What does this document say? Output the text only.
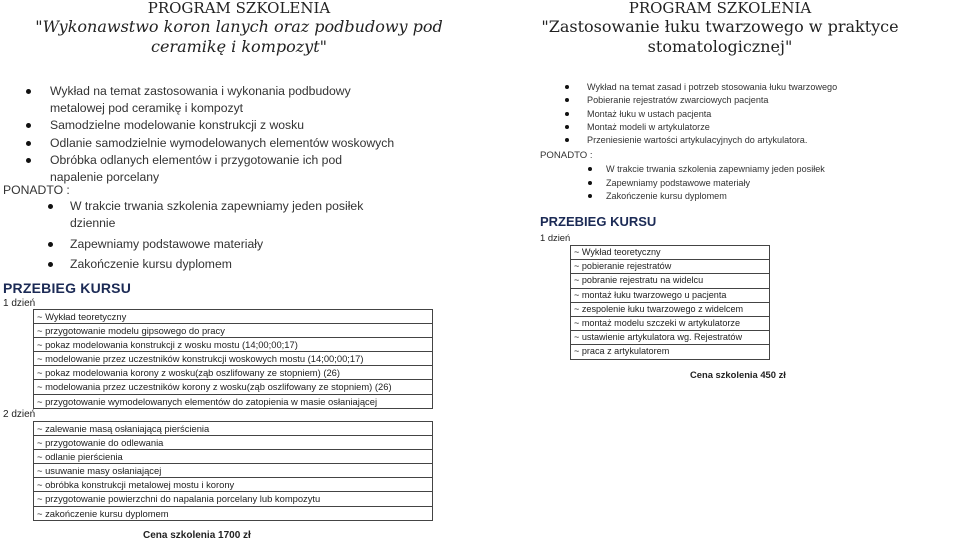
PROGRAM SZKOLENIA
"Wykonawstwo koron lanych oraz podbudowy pod
ceramikę i kompozyt"
PROGRAM SZKOLENIA
"Zastosowanie łuku twarzowego w praktyce
stomatologicznej"
Wykład na temat zastosowania i wykonania podbudowy
metalowej pod ceramikę i kompozyt
Samodzielne modelowanie konstrukcji z wosku
Odlanie samodzielnie wymodelowanych elementów woskowych
Obróbka odlanych elementów i przygotowanie ich pod
napalenie porcelany
PONADTO :
W trakcie trwania szkolenia zapewniamy jeden posiłek
dziennie
Zapewniamy podstawowe materiały
Zakończenie kursu dyplomem
PRZEBIEG KURSU
1 dzień
~ Wykład teoretyczny
~ przygotowanie modelu gipsowego do pracy
~ pokaz modelowania konstrukcji z wosku mostu (14;00;00;17)
~ modelowanie przez uczestników konstrukcji woskowych mostu (14;00;00;17)
~ pokaz modelowania korony z wosku(ząb oszlifowany ze stopniem) (26)
~ modelowania przez uczestników korony z wosku(ząb oszlifowany ze stopniem) (26)
~ przygotowanie wymodelowanych elementów do zatopienia w masie osłaniającej
2 dzień
~ zalewanie masą osłaniającą pierścienia
~ przygotowanie do odlewania
~ odlanie pierścienia
~ usuwanie masy osłaniającej
~ obróbka konstrukcji metalowej mostu i korony
~ przygotowanie powierzchni do napalania porcelany lub kompozytu
~ zakończenie kursu dyplomem
Cena szkolenia 1700 zł
Wykład na temat zasad i potrzeb stosowania łuku twarzowego
Pobieranie rejestratów zwarciowych pacjenta
Montaż łuku w ustach pacjenta
Montaż modeli w artykulatorze
Przeniesienie wartości artykulacyjnych do artykulatora.
PONADTO :
W trakcie trwania szkolenia zapewniamy jeden posiłek
Zapewniamy podstawowe materiały
Zakończenie kursu dyplomem
PRZEBIEG KURSU
1 dzień
~ Wykład teoretyczny
~ pobieranie rejestratów
~ pobranie rejestratu na widelcu
~ montaż łuku twarzowego u pacjenta
~ zespolenie łuku twarzowego z widelcem
~ montaż modelu szczeki w artykulatorze
~ ustawienie artykulatora wg. Rejestratów
~ praca z artykulatorem
Cena szkolenia 450 zł
